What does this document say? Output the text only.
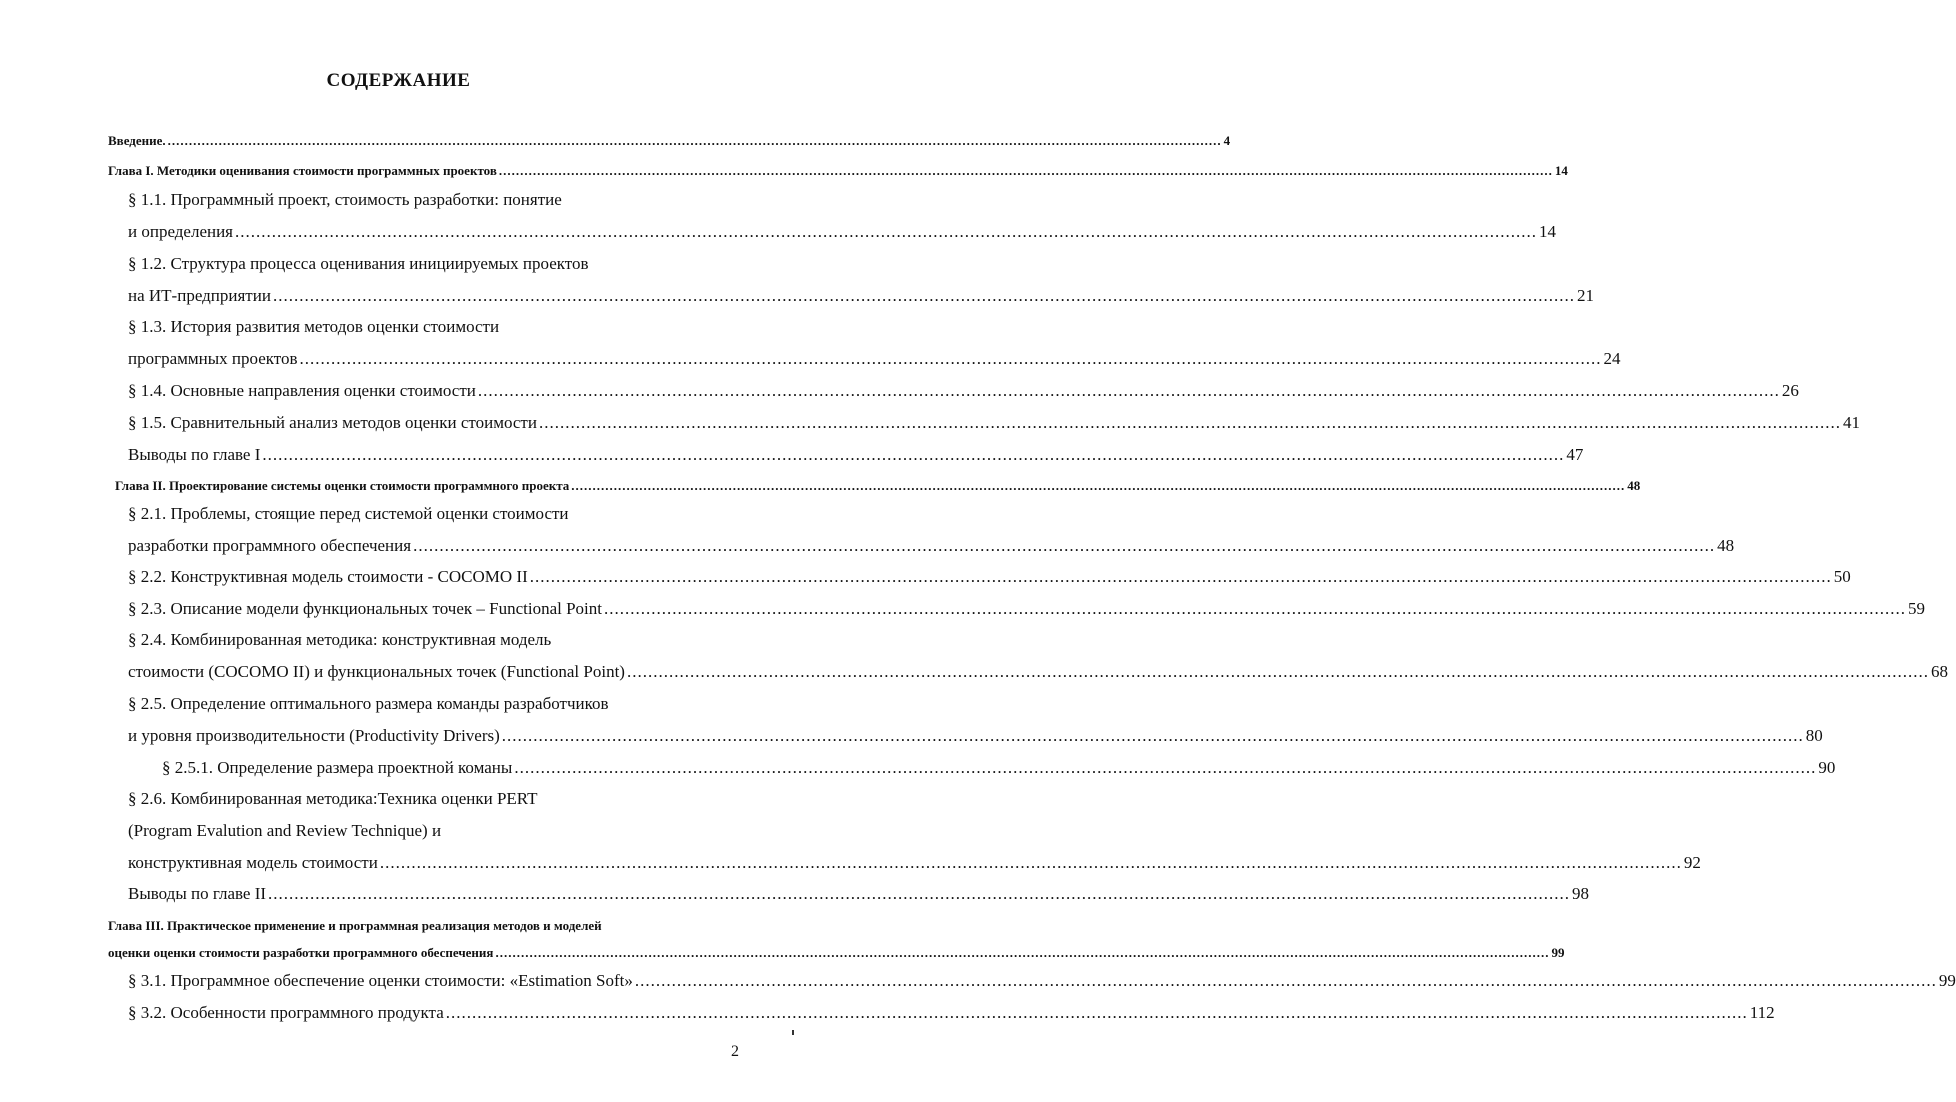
СОДЕРЖАНИЕ
Введение. ........................................................................................................................................................................................................................................................ 4
Глава I. Методики оценивания стоимости программных проектов ........................................................................................................................................................................................................................................................ 14
§ 1.1. Программный проект, стоимость разработки: понятие
и определения ........................................................................................................................................................................................................................................................ 14
§ 1.2. Структура процесса оценивания инициируемых проектов
на ИТ-предприятии ........................................................................................................................................................................................................................................................ 21
§ 1.3. История развития методов оценки стоимости
программных проектов ........................................................................................................................................................................................................................................................ 24
§ 1.4. Основные направления оценки стоимости ........................................................................................................................................................................................................................................................ 26
§ 1.5. Сравнительный анализ методов оценки стоимости ........................................................................................................................................................................................................................................................ 41
Выводы по главе I ........................................................................................................................................................................................................................................................ 47
Глава II. Проектирование системы оценки стоимости программного проекта ........................................................................................................................................................................................................................................................ 48
§ 2.1. Проблемы, стоящие перед системой оценки стоимости
разработки программного обеспечения ........................................................................................................................................................................................................................................................ 48
§ 2.2. Конструктивная модель стоимости - COCOMO II ........................................................................................................................................................................................................................................................ 50
§ 2.3. Описание модели функциональных точек – Functional Point ........................................................................................................................................................................................................................................................ 59
§ 2.4. Комбинированная методика: конструктивная модель
стоимости (COCOMO II) и функциональных точек (Functional Point) ........................................................................................................................................................................................................................................................ 68
§ 2.5. Определение оптимального размера команды разработчиков
и уровня производительности (Productivity Drivers) ........................................................................................................................................................................................................................................................ 80
§ 2.5.1. Определение размера проектной команы ........................................................................................................................................................................................................................................................ 90
§ 2.6. Комбинированная методика:Техника оценки PERT
(Program Evalution and Review Technique) и
конструктивная модель стоимости ........................................................................................................................................................................................................................................................ 92
Выводы по главе II ........................................................................................................................................................................................................................................................ 98
Глава III. Практическое применение и программная реализация методов и моделей
оценки оценки стоимости разработки программного обеспечения ........................................................................................................................................................................................................................................................ 99
§ 3.1. Программное обеспечение оценки стоимости: «Estimation Soft» ........................................................................................................................................................................................................................................................ 99
§ 3.2. Особенности программного продукта ........................................................................................................................................................................................................................................................ 112
2
